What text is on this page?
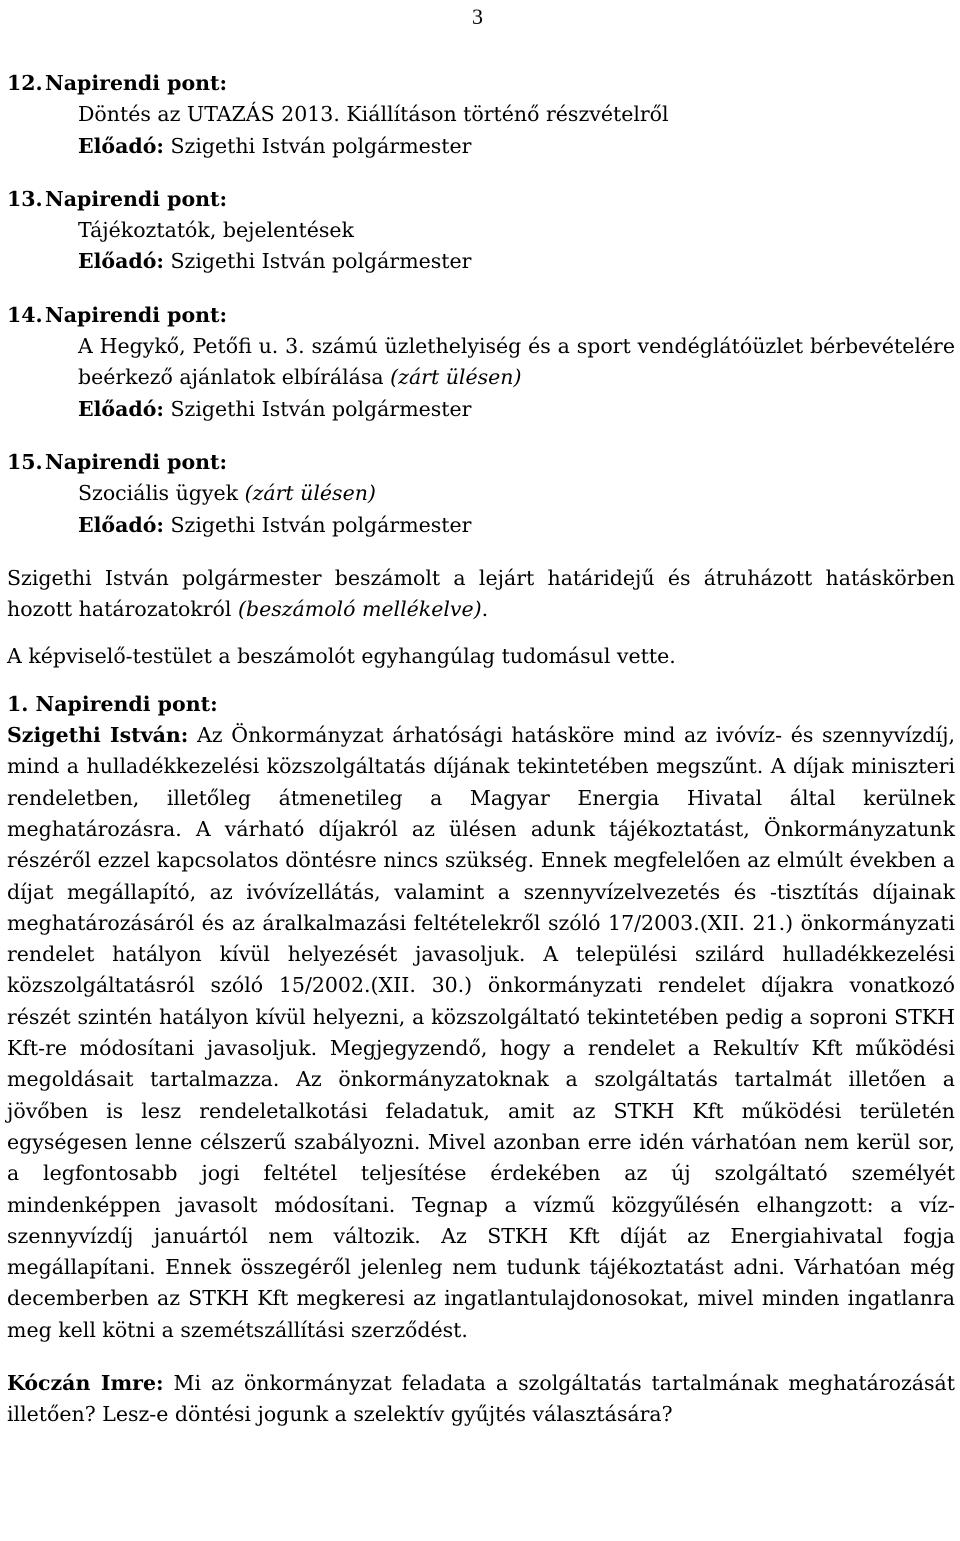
3
12. Napirendi pont:
Döntés az UTAZÁS 2013. Kiállításon történő részvételről
Előadó: Szigethi István polgármester
13. Napirendi pont:
Tájékoztatók, bejelentések
Előadó: Szigethi István polgármester
14. Napirendi pont:
A Hegykő, Petőfi u. 3. számú üzlethelyiség és a sport vendéglátóüzlet bérbevételére beérkező ajánlatok elbírálása (zárt ülésen)
Előadó: Szigethi István polgármester
15. Napirendi pont:
Szociális ügyek (zárt ülésen)
Előadó: Szigethi István polgármester

Szigethi István polgármester beszámolt a lejárt határidejű és átruházott hatáskörben hozott határozatokról (beszámoló mellékelve).

A képviselő-testület a beszámolót egyhangúlag tudomásul vette.

1. Napirendi pont:

Szigethi István: Az Önkormányzat árhatósági hatásköre mind az ivóvíz- és szennyvízdíj, mind a hulladékkezelési közszolgáltatás díjának tekintetében megszűnt. A díjak miniszteri rendeletben, illetőleg átmenetileg a Magyar Energia Hivatal által kerülnek meghatározásra. A várható díjakról az ülésen adunk tájékoztatást, Önkormányzatunk részéről ezzel kapcsolatos döntésre nincs szükség. Ennek megfelelően az elmúlt években a díjat megállapító, az ivóvízellátás, valamint a szennyvízelvezetés és -tisztítás díjainak meghatározásáról és az áralkalmazási feltételekről szóló 17/2003.(XII. 21.) önkormányzati rendelet hatályon kívül helyezését javasoljuk. A települési szilárd hulladékkezelési közszolgáltatásról szóló 15/2002.(XII. 30.) önkormányzati rendelet díjakra vonatkozó részét szintén hatályon kívül helyezni, a közszolgáltató tekintetében pedig a soproni STKH Kft-re módosítani javasoljuk. Megjegyzendő, hogy a rendelet a Rekultív Kft működési megoldásait tartalmazza. Az önkormányzatoknak a szolgáltatás tartalmát illetően a jövőben is lesz rendeletalkotási feladatuk, amit az STKH Kft működési területén egységesen lenne célszerű szabályozni. Mivel azonban erre idén várhatóan nem kerül sor, a legfontosabb jogi feltétel teljesítése érdekében az új szolgáltató személyét mindenképpen javasolt módosítani. Tegnap a vízmű közgyűlésén elhangzott: a víz-szennyvízdíj januártól nem változik. Az STKH Kft díját az Energiahivatal fogja megállapítani. Ennek összegéről jelenleg nem tudunk tájékoztatást adni. Várhatóan még decemberben az STKH Kft megkeresi az ingatlantulajdonosokat, mivel minden ingatlanra meg kell kötni a szemétszállítási szerződést.

Kóczán Imre: Mi az önkormányzat feladata a szolgáltatás tartalmának meghatározását illetően? Lesz-e döntési jogunk a szelektív gyűjtés választására?
